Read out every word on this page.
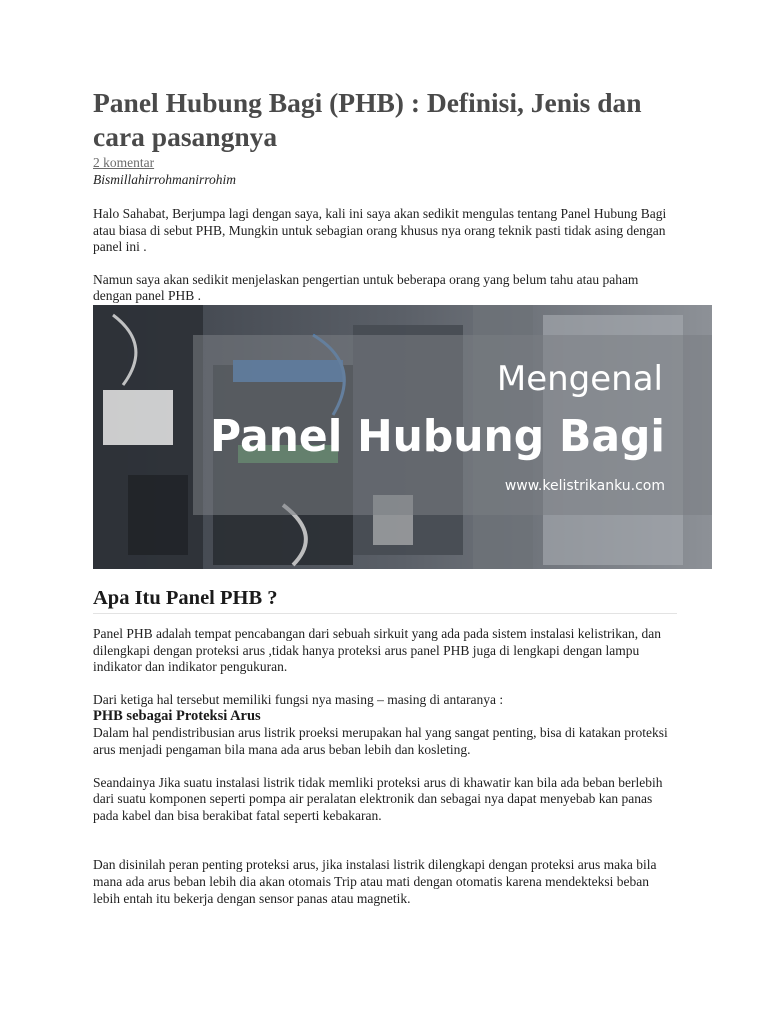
Panel Hubung Bagi (PHB) : Definisi, Jenis dan cara pasangnya
2 komentar
Bismillahirrohmanirrohim

Halo Sahabat, Berjumpa lagi dengan saya, kali ini saya akan sedikit mengulas tentang Panel Hubung Bagi atau biasa di sebut PHB, Mungkin untuk sebagian orang khusus nya orang teknik pasti tidak asing dengan panel ini .

Namun saya akan sedikit menjelaskan pengertian untuk beberapa orang yang belum tahu atau paham dengan panel PHB .

Mengenal
Panel Hubung Bagi
www.kelistrikanku.com
Apa Itu Panel PHB ?

Panel PHB adalah tempat pencabangan dari sebuah sirkuit yang ada pada sistem instalasi kelistrikan, dan dilengkapi dengan proteksi arus ,tidak hanya proteksi arus panel PHB juga di lengkapi dengan lampu indikator dan indikator pengukuran.

Dari ketiga hal tersebut memiliki fungsi nya masing – masing di antaranya :

PHB sebagai Proteksi Arus

Dalam hal pendistribusian arus listrik proeksi merupakan hal yang sangat penting, bisa di katakan proteksi arus menjadi pengaman bila mana ada arus beban lebih dan kosleting.

Seandainya Jika suatu instalasi listrik tidak memliki proteksi arus di khawatir kan bila ada beban berlebih dari suatu komponen seperti pompa air peralatan elektronik dan sebagai nya dapat menyebab kan panas pada kabel dan bisa berakibat fatal seperti kebakaran.

Dan disinilah peran penting proteksi arus, jika instalasi listrik dilengkapi dengan proteksi arus maka bila mana ada arus beban lebih dia akan otomais Trip atau mati dengan otomatis karena mendekteksi beban lebih entah itu bekerja dengan sensor panas atau magnetik.
